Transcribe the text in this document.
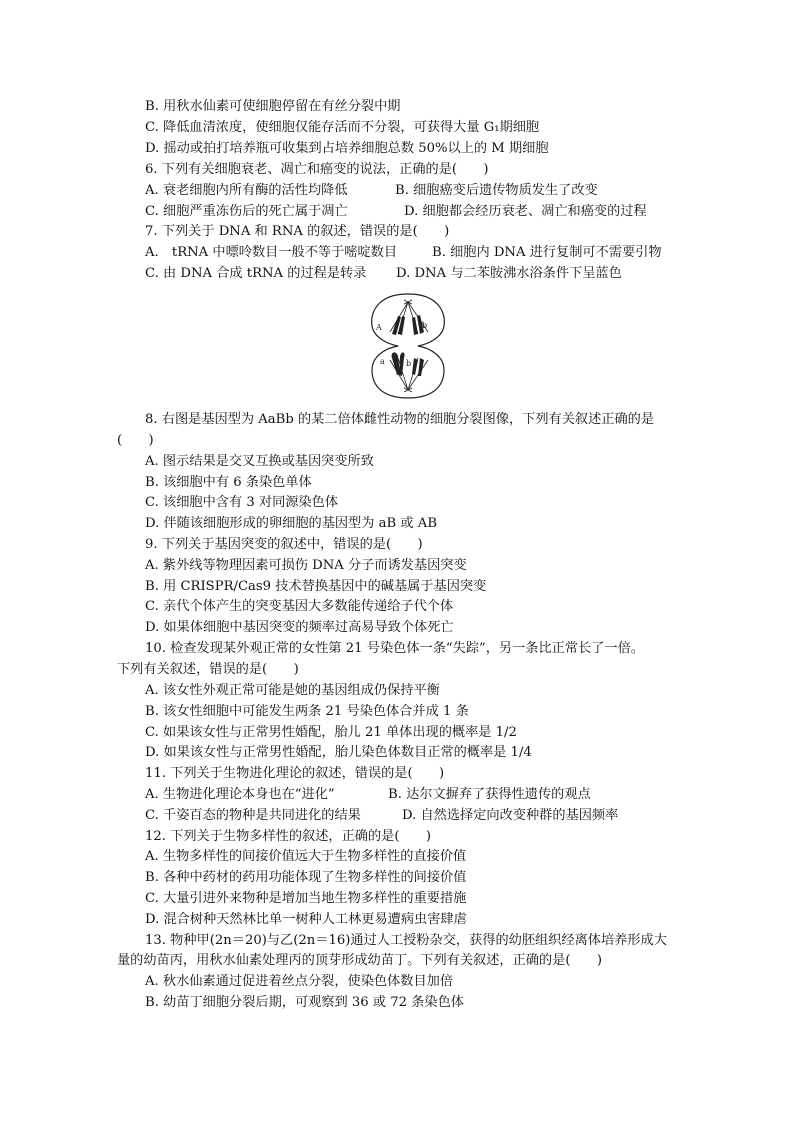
B. 用秋水仙素可使细胞停留在有丝分裂中期
C. 降低血清浓度，使细胞仅能存活而不分裂，可获得大量 G₁期细胞
D. 摇动或拍打培养瓶可收集到占培养细胞总数 50%以上的 M 期细胞
6. 下列有关细胞衰老、凋亡和癌变的说法，正确的是(　　)
A. 衰老细胞内所有酶的活性均降低	B. 细胞癌变后遗传物质发生了改变
C. 细胞严重冻伤后的死亡属于凋亡	D. 细胞都会经历衰老、凋亡和癌变的过程
7. 下列关于 DNA 和 RNA 的叙述，错误的是(　　)
A.　tRNA 中嘌呤数目一般不等于嘧啶数目	B. 细胞内 DNA 进行复制可不需要引物
C. 由 DNA 合成 tRNA 的过程是转录 D. DNA 与二苯胺沸水浴条件下呈蓝色
A	b
a	b
8. 右图是基因型为 AaBb 的某二倍体雌性动物的细胞分裂图像，下列有关叙述正确的是
(　　)
A. 图示结果是交叉互换或基因突变所致
B. 该细胞中有 6 条染色单体
C. 该细胞中含有 3 对同源染色体
D. 伴随该细胞形成的卵细胞的基因型为 aB 或 AB
9. 下列关于基因突变的叙述中，错误的是(　　)
A. 紫外线等物理因素可损伤 DNA 分子而诱发基因突变
B. 用 CRISPR/Cas9 技术替换基因中的碱基属于基因突变
C. 亲代个体产生的突变基因大多数能传递给子代个体
D. 如果体细胞中基因突变的频率过高易导致个体死亡
10. 检查发现某外观正常的女性第 21 号染色体一条“失踪”，另一条比正常长了一倍。
下列有关叙述，错误的是(　　)
A. 该女性外观正常可能是她的基因组成仍保持平衡
B. 该女性细胞中可能发生两条 21 号染色体合并成 1 条
C. 如果该女性与正常男性婚配，胎儿 21 单体出现的概率是 1/2
D. 如果该女性与正常男性婚配，胎儿染色体数目正常的概率是 1/4
11. 下列关于生物进化理论的叙述，错误的是(　　)
A. 生物进化理论本身也在“进化”	B. 达尔文摒弃了获得性遗传的观点
C. 千姿百态的物种是共同进化的结果	D. 自然选择定向改变种群的基因频率
12. 下列关于生物多样性的叙述，正确的是(　　)
A. 生物多样性的间接价值远大于生物多样性的直接价值
B. 各种中药材的药用功能体现了生物多样性的间接价值
C. 大量引进外来物种是增加当地生物多样性的重要措施
D. 混合树种天然林比单一树种人工林更易遭病虫害肆虐
13. 物种甲(2n＝20)与乙(2n＝16)通过人工授粉杂交，获得的幼胚组织经离体培养形成大
量的幼苗丙，用秋水仙素处理丙的顶芽形成幼苗丁。下列有关叙述，正确的是(　　)
A. 秋水仙素通过促进着丝点分裂，使染色体数目加倍
B. 幼苗丁细胞分裂后期，可观察到 36 或 72 条染色体
